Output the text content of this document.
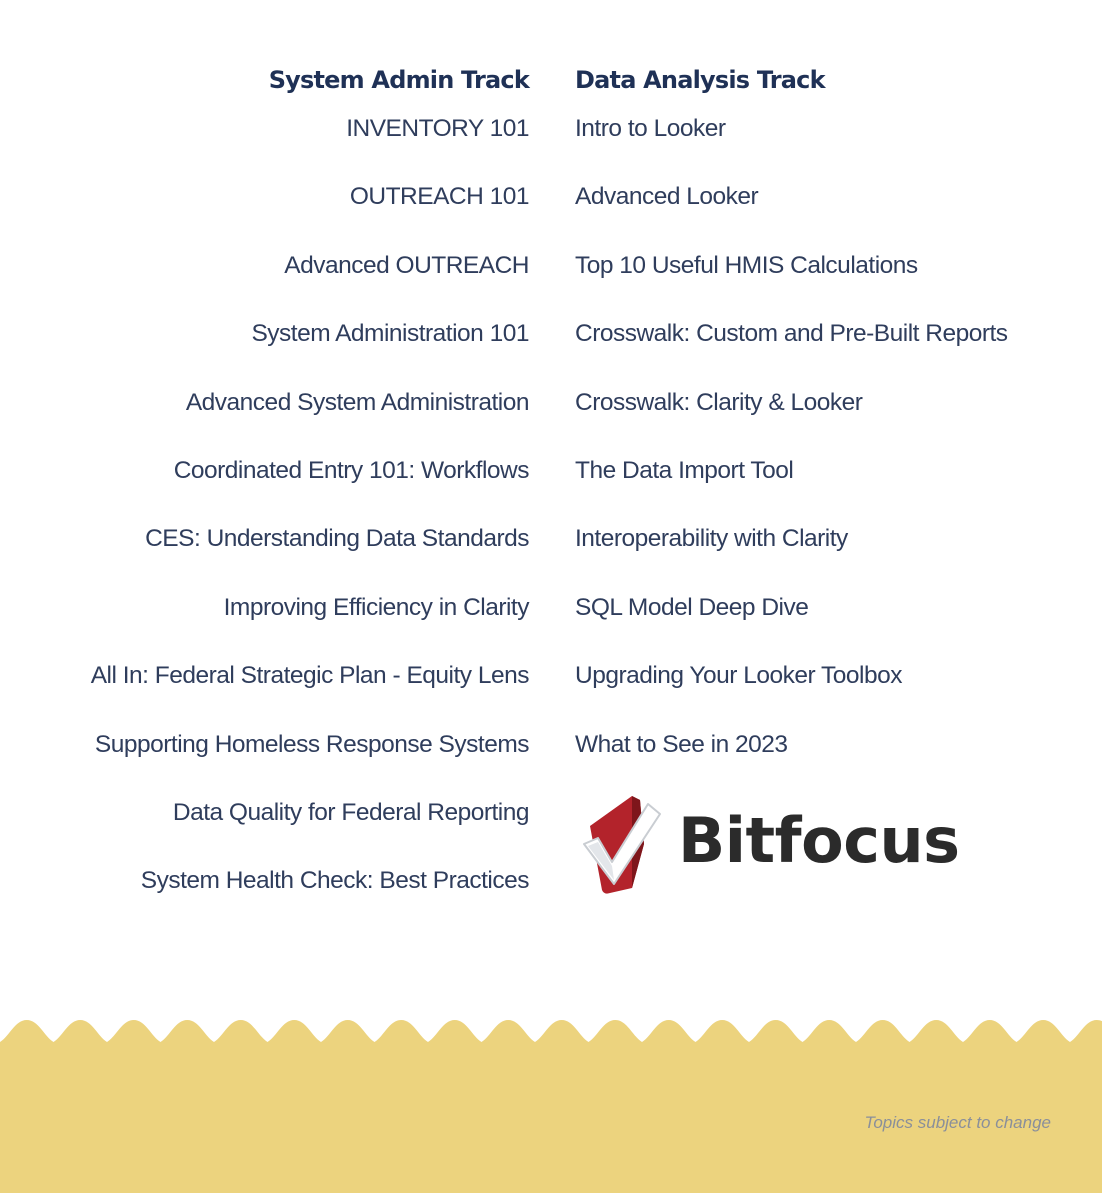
System Admin Track Data Analysis Track
INVENTORY 101
OUTREACH 101
Advanced OUTREACH
System Administration 101
Advanced System Administration
Coordinated Entry 101: Workflows
CES: Understanding Data Standards
Improving Efficiency in Clarity
All In: Federal Strategic Plan - Equity Lens
Supporting Homeless Response Systems
Data Quality for Federal Reporting
System Health Check: Best Practices
Intro to Looker
Advanced Looker
Top 10 Useful HMIS Calculations
Crosswalk: Custom and Pre-Built Reports
Crosswalk: Clarity & Looker
The Data Import Tool
Interoperability with Clarity
SQL Model Deep Dive
Upgrading Your Looker Toolbox
What to See in 2023
Bitfocus
Topics subject to change
